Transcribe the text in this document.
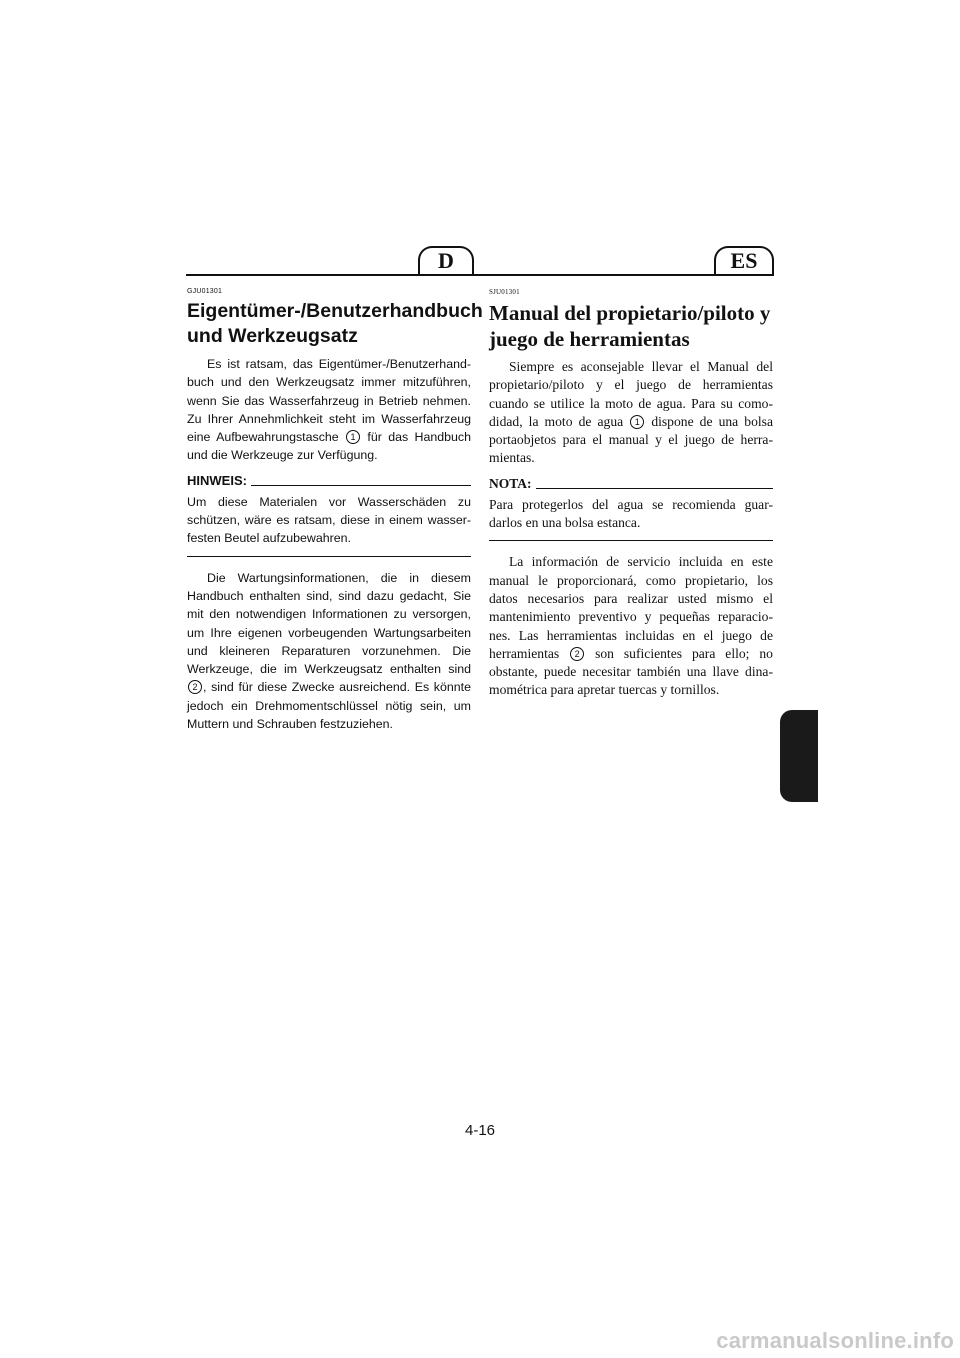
D	ES
GJU01301
Eigentümer-/Benutzerhandbuch und Werkzeugsatz

Es ist ratsam, das Eigentümer-/Benutzerhand-buch und den Werkzeugsatz immer mitzuführen, wenn Sie das Wasserfahrzeug in Betrieb nehmen. Zu Ihrer Annehmlichkeit steht im Wasserfahrzeug eine Aufbewahrungstasche 1 für das Handbuch und die Werkzeuge zur Verfügung.

HINWEIS:
Um diese Materialen vor Wasserschäden zu schützen, wäre es ratsam, diese in einem wasser-festen Beutel aufzubewahren.

Die Wartungsinformationen, die in diesem Handbuch enthalten sind, sind dazu gedacht, Sie mit den notwendigen Informationen zu versorgen, um Ihre eigenen vorbeugenden Wartungsarbeiten und kleineren Reparaturen vorzunehmen. Die Werkzeuge, die im Werkzeugsatz enthalten sind 2 , sind für diese Zwecke ausreichend. Es könnte jedoch ein Drehmomentschlüssel nötig sein, um Muttern und Schrauben festzuziehen.

SJU01301
Manual del propietario/piloto y juego de herramientas

Siempre es aconsejable llevar el Manual del propietario/piloto y el juego de herramientas cuando se utilice la moto de agua. Para su como-didad, la moto de agua 1 dispone de una bolsa portaobjetos para el manual y el juego de herra-mientas.

NOTA:
Para protegerlos del agua se recomienda guar-darlos en una bolsa estanca.

La información de servicio incluida en este manual le proporcionará, como propietario, los datos necesarios para realizar usted mismo el mantenimiento preventivo y pequeñas reparacio-nes. Las herramientas incluidas en el juego de herramientas 2 son suficientes para ello; no obstante, puede necesitar también una llave dina-mométrica para apretar tuercas y tornillos.

4-16
carmanualsonline.info
